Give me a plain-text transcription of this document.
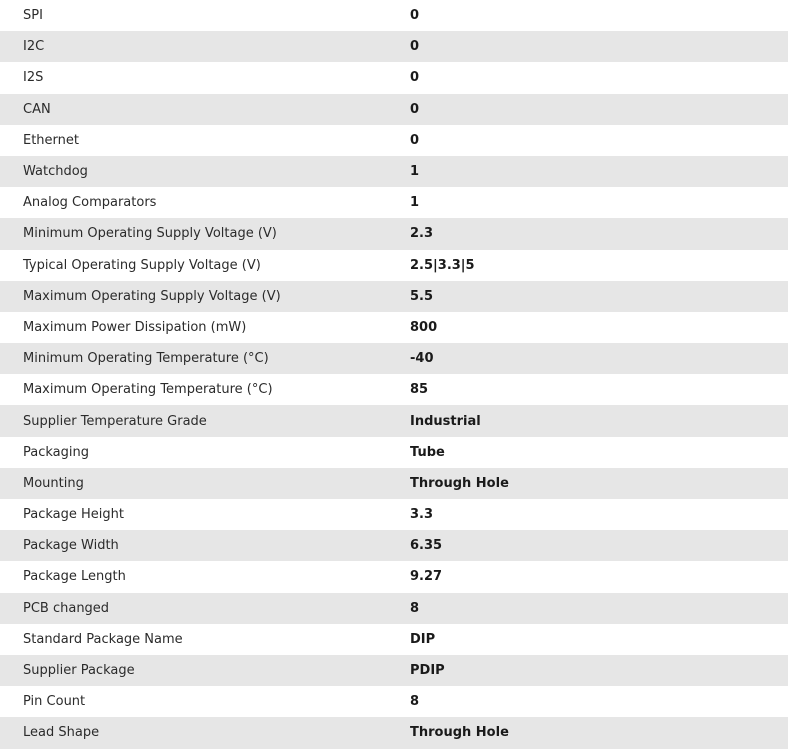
SPI	0
I2C	0
I2S	0
CAN	0
Ethernet	0
Watchdog	1
Analog Comparators	1
Minimum Operating Supply Voltage (V)	2.3
Typical Operating Supply Voltage (V)	2.5|3.3|5
Maximum Operating Supply Voltage (V)	5.5
Maximum Power Dissipation (mW)	800
Minimum Operating Temperature (°C)	-40
Maximum Operating Temperature (°C)	85
Supplier Temperature Grade	Industrial
Packaging	Tube
Mounting	Through Hole
Package Height	3.3
Package Width	6.35
Package Length	9.27
PCB changed	8
Standard Package Name	DIP
Supplier Package	PDIP
Pin Count	8
Lead Shape	Through Hole
